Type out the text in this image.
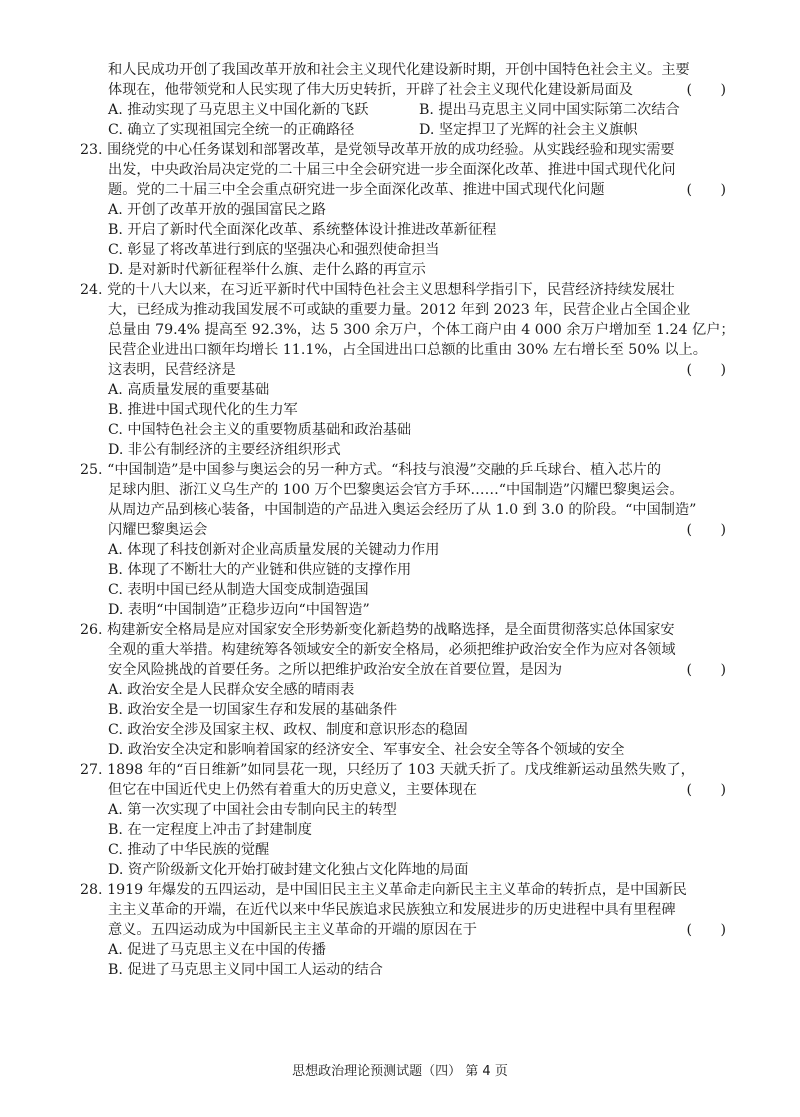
和人民成功开创了我国改革开放和社会主义现代化建设新时期，开创中国特色社会主义。主要
体现在，他带领党和人民实现了伟大历史转折，开辟了社会主义现代化建设新局面及	(　　)
A. 推动实现了马克思主义中国化新的飞跃	B. 提出马克思主义同中国实际第二次结合
C. 确立了实现祖国完全统一的正确路径	D. 坚定捍卫了光辉的社会主义旗帜
23. 围绕党的中心任务谋划和部署改革，是党领导改革开放的成功经验。从实践经验和现实需要
出发，中央政治局决定党的二十届三中全会研究进一步全面深化改革、推进中国式现代化问
题。党的二十届三中全会重点研究进一步全面深化改革、推进中国式现代化问题	(　　)
A. 开创了改革开放的强国富民之路
B. 开启了新时代全面深化改革、系统整体设计推进改革新征程
C. 彰显了将改革进行到底的坚强决心和强烈使命担当
D. 是对新时代新征程举什么旗、走什么路的再宣示
24. 党的十八大以来，在习近平新时代中国特色社会主义思想科学指引下，民营经济持续发展壮
大，已经成为推动我国发展不可或缺的重要力量。2012 年到 2023 年，民营企业占全国企业
总量由 79.4% 提高至 92.3%，达 5 300 余万户，个体工商户由 4 000 余万户增加至 1.24 亿户；
民营企业进出口额年均增长 11.1%，占全国进出口总额的比重由 30% 左右增长至 50% 以上。
这表明，民营经济是	(　　)
A. 高质量发展的重要基础
B. 推进中国式现代化的生力军
C. 中国特色社会主义的重要物质基础和政治基础
D. 非公有制经济的主要经济组织形式
25. “中国制造”是中国参与奥运会的另一种方式。“科技与浪漫”交融的乒乓球台、植入芯片的
足球内胆、浙江义乌生产的 100 万个巴黎奥运会官方手环……“中国制造”闪耀巴黎奥运会。
从周边产品到核心装备，中国制造的产品进入奥运会经历了从 1.0 到 3.0 的阶段。“中国制造”
闪耀巴黎奥运会	(　　)
A. 体现了科技创新对企业高质量发展的关键动力作用
B. 体现了不断壮大的产业链和供应链的支撑作用
C. 表明中国已经从制造大国变成制造强国
D. 表明“中国制造”正稳步迈向“中国智造”
26. 构建新安全格局是应对国家安全形势新变化新趋势的战略选择，是全面贯彻落实总体国家安
全观的重大举措。构建统筹各领域安全的新安全格局，必须把维护政治安全作为应对各领域
安全风险挑战的首要任务。之所以把维护政治安全放在首要位置，是因为	(　　)
A. 政治安全是人民群众安全感的晴雨表
B. 政治安全是一切国家生存和发展的基础条件
C. 政治安全涉及国家主权、政权、制度和意识形态的稳固
D. 政治安全决定和影响着国家的经济安全、军事安全、社会安全等各个领域的安全
27. 1898 年的“百日维新”如同昙花一现，只经历了 103 天就夭折了。戊戌维新运动虽然失败了，
但它在中国近代史上仍然有着重大的历史意义，主要体现在	(　　)
A. 第一次实现了中国社会由专制向民主的转型
B. 在一定程度上冲击了封建制度
C. 推动了中华民族的觉醒
D. 资产阶级新文化开始打破封建文化独占文化阵地的局面
28. 1919 年爆发的五四运动，是中国旧民主主义革命走向新民主主义革命的转折点，是中国新民
主主义革命的开端，在近代以来中华民族追求民族独立和发展进步的历史进程中具有里程碑
意义。五四运动成为中国新民主主义革命的开端的原因在于	(　　)
A. 促进了马克思主义在中国的传播
B. 促进了马克思主义同中国工人运动的结合
思想政治理论预测试题（四） 第 4 页
